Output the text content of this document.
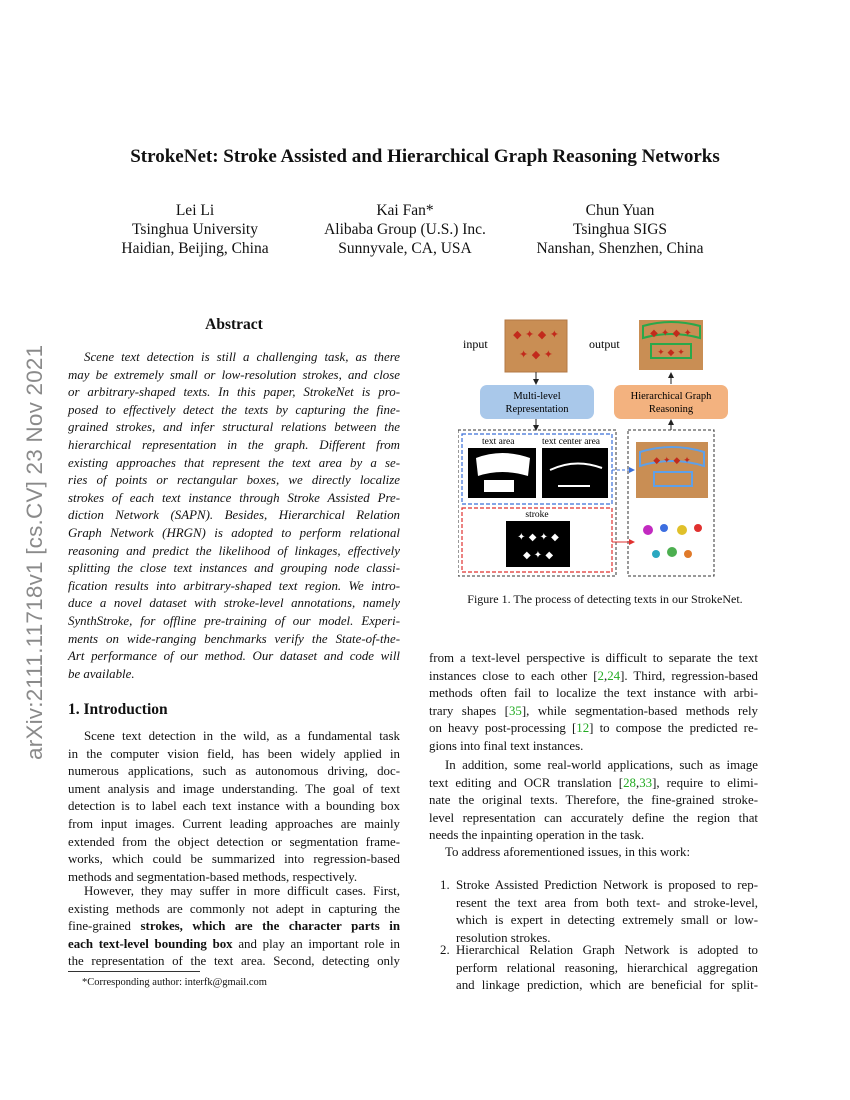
StrokeNet: Stroke Assisted and Hierarchical Graph Reasoning Networks
arXiv:2111.11718v1 [cs.CV] 23 Nov 2021
Lei Li
Tsinghua University
Haidian, Beijing, China
Kai Fan*
Alibaba Group (U.S.) Inc.
Sunnyvale, CA, USA
Chun Yuan
Tsinghua SIGS
Nanshan, Shenzhen, China
Abstract
Scene text detection is still a challenging task, as there
may be extremely small or low-resolution strokes, and close
or arbitrary-shaped texts. In this paper, StrokeNet is pro-
posed to effectively detect the texts by capturing the fine-
grained strokes, and infer structural relations between the
hierarchical representation in the graph. Different from
existing approaches that represent the text area by a se-
ries of points or rectangular boxes, we directly localize
strokes of each text instance through Stroke Assisted Pre-
diction Network (SAPN). Besides, Hierarchical Relation
Graph Network (HRGN) is adopted to perform relational
reasoning and predict the likelihood of linkages, effectively
splitting the close text instances and grouping node classi-
fication results into arbitrary-shaped text region. We intro-
duce a novel dataset with stroke-level annotations, namely
SynthStroke, for offline pre-training of our model. Experi-
ments on wide-ranging benchmarks verify the State-of-the-
Art performance of our method. Our dataset and code will
be available.
1. Introduction
Scene text detection in the wild, as a fundamental task
in the computer vision field, has been widely applied in
numerous applications, such as autonomous driving, doc-
ument analysis and image understanding. The goal of text
detection is to label each text instance with a bounding box
from input images. Current leading approaches are mainly
extended from the object detection or segmentation frame-
works, which could be summarized into regression-based
methods and segmentation-based methods, respectively.
However, they may suffer in more difficult cases. First,
existing methods are commonly not adept in capturing the
fine-grained strokes, which are the character parts in
each text-level bounding box and play an important role in
the representation of the text area. Second, detecting only
*Corresponding author: interfk@gmail.com
◆ ✦ ◆ ✦
✦ ◆ ✦
◆ ✦ ◆ ✦
✦ ◆ ✦
input	output
Multi-level
Representation
Hierarchical Graph
Reasoning
text area	text center area
stroke
✦ ◆ ✦ ◆
◆ ✦ ◆
◆ ✦ ◆ ✦
Figure 1. The process of detecting texts in our StrokeNet.
from a text-level perspective is difficult to separate the text
instances close to each other [2,24]. Third, regression-based
methods often fail to localize the text instance with arbi-
trary shapes [35], while segmentation-based methods rely
on heavy post-processing [12] to compose the predicted re-
gions into final text instances.
In addition, some real-world applications, such as image
text editing and OCR translation [28,33], require to elimi-
nate the original texts. Therefore, the fine-grained stroke-
level representation can accurately define the region that
needs the inpainting operation in the task.
To address aforementioned issues, in this work:
1. Stroke Assisted Prediction Network is proposed to rep-
resent the text area from both text- and stroke-level,
which is expert in detecting extremely small or low-
resolution strokes.
2. Hierarchical Relation Graph Network is adopted to
perform relational reasoning, hierarchical aggregation
and linkage prediction, which are beneficial for split-
